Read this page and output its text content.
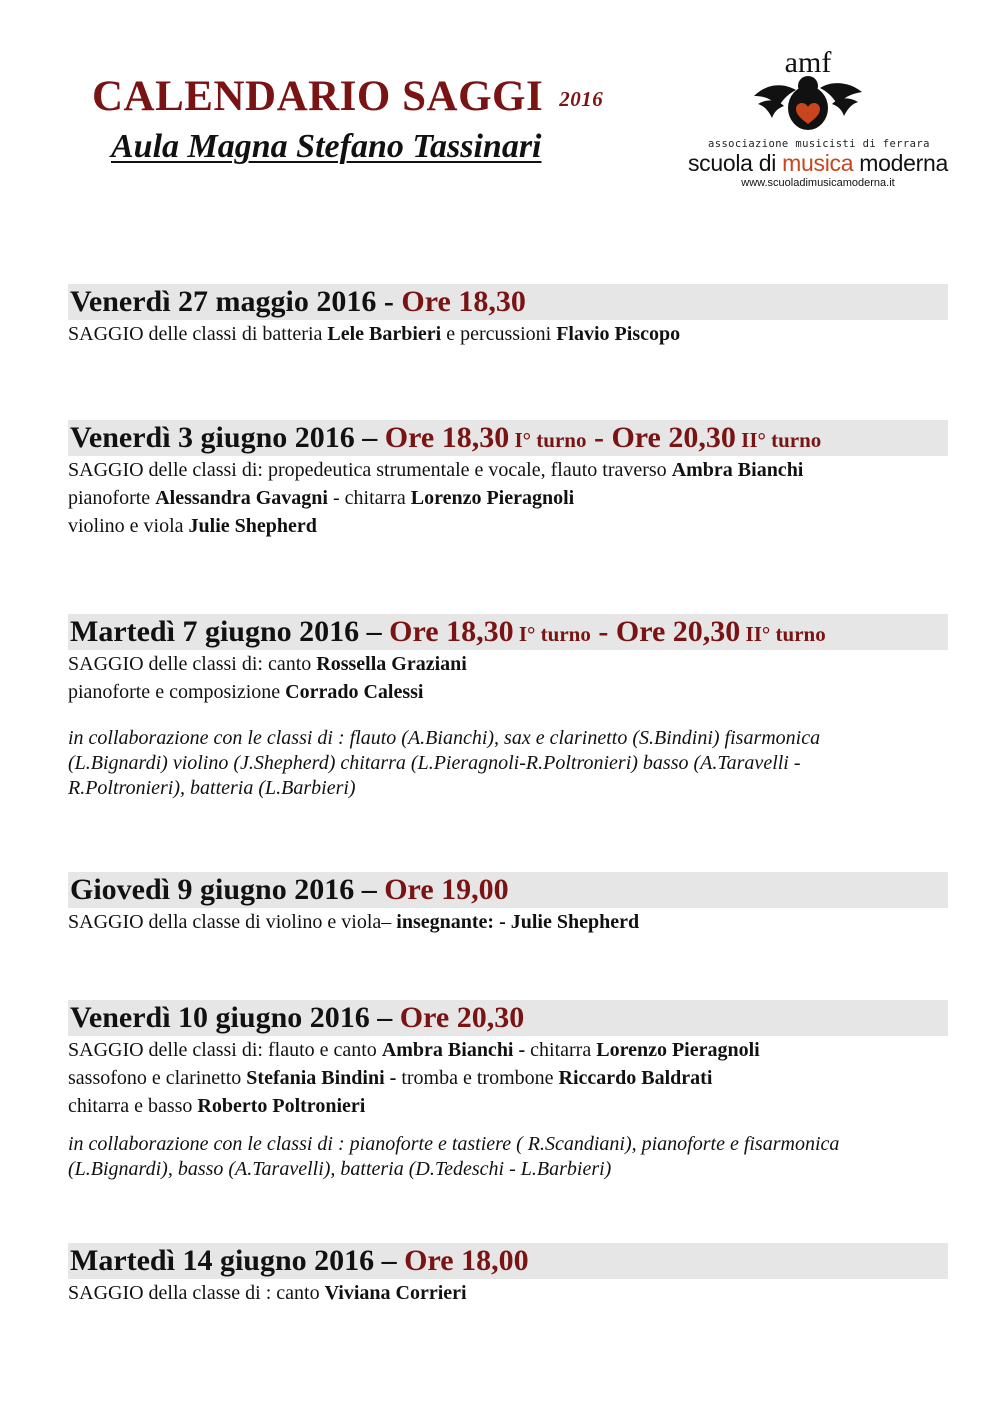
CALENDARIO SAGGI 2016
Aula Magna Stefano Tassinari
amf
associazione musicisti di ferrara
scuola di musica moderna
www.scuoladimusicamoderna.it
Venerdì 27 maggio 2016 - Ore 18,30
SAGGIO delle classi di batteria Lele Barbieri e percussioni Flavio Piscopo
Venerdì 3 giugno 2016 – Ore 18,30 I° turno - Ore 20,30 II° turno
SAGGIO delle classi di: propedeutica strumentale e vocale, flauto traverso Ambra Bianchi
pianoforte Alessandra Gavagni - chitarra Lorenzo Pieragnoli
violino e viola Julie Shepherd
Martedì 7 giugno 2016 – Ore 18,30 I° turno - Ore 20,30 II° turno
SAGGIO delle classi di: canto Rossella Graziani
pianoforte e composizione Corrado Calessi
in collaborazione con le classi di : flauto (A.Bianchi), sax e clarinetto (S.Bindini) fisarmonica (L.Bignardi) violino (J.Shepherd) chitarra (L.Pieragnoli-R.Poltronieri) basso (A.Taravelli -R.Poltronieri), batteria (L.Barbieri)
Giovedì 9 giugno 2016 – Ore 19,00
SAGGIO della classe di violino e viola– insegnante: - Julie Shepherd
Venerdì 10 giugno 2016 – Ore 20,30
SAGGIO delle classi di: flauto e canto Ambra Bianchi - chitarra Lorenzo Pieragnoli
sassofono e clarinetto Stefania Bindini - tromba e trombone Riccardo Baldrati
chitarra e basso Roberto Poltronieri
in collaborazione con le classi di : pianoforte e tastiere ( R.Scandiani), pianoforte e fisarmonica (L.Bignardi), basso (A.Taravelli), batteria (D.Tedeschi - L.Barbieri)
Martedì 14 giugno 2016 – Ore 18,00
SAGGIO della classe di : canto Viviana Corrieri
